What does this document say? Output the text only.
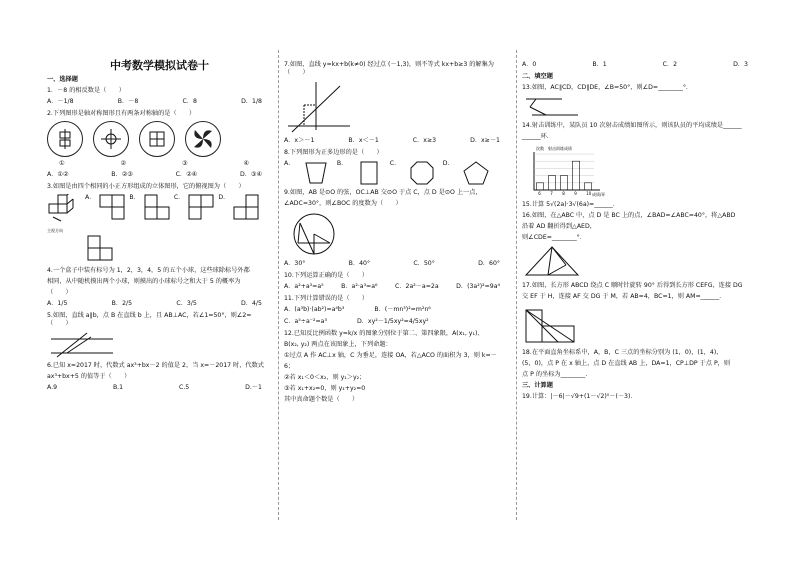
中考数学模拟试卷十
一、选择题
1．－8 的相反数是（　　）
A．－1/8	B．－8	C．8	D．1/8
2.下列图形是轴对称图形且有两条对称轴的是（　　）
①	②	③	④
A．①②	B．②③	C．②④	D．③④
3.如图是由四个相同的小正方形组成的立体图形，它的俯视图为（　　）
主视方向
A．	B．	C．	D．
4.一个盒子中装有标号为 1，2，3，4，5 的五个小球，这些球除标号外都
相同，从中随机摸出两个小球，则摸出的小球标号之和大于 5 的概率为
（　　）
A．1/5	B．2/5	C．3/5	D．4/5
5.如图，直线 a∥b，点 B 在直线 b 上，且 AB⊥AC，若∠1=50°，则∠2=（　　）
6.已知 x=2017 时，代数式 ax³+bx－2 的值是 2，当 x=－2017 时，代数式
ax³+bx+5 的值等于（　　）
A.9	B.1	C.5	D.－1
7.如图，直线 y=kx+b(k≠0) 经过点 (－1,3)，则不等式 kx+b≥3 的解集为（　　）
A．x＞－1	B．x＜－1	C．x≥3	D．x≥－1
8.下列图形为正多边形的是（　　）
A．	B．	C．	D．
9.如图，AB 是⊙O 的弦，OC⊥AB 交⊙O 于点 C，点 D 是⊙O 上一点，
∠ADC=30°，则∠BOC 的度数为（　　）
A．30°	B．40°	C．50°	D．60°
10.下列运算正确的是（　　）
A．a²+a³=a⁵	B．a²·a³=a⁶	C．2a²－a=2a	D．(3a²)²=9a⁴
11.下列计算错误的是（　　）
A．(a³b)·(ab²)=a⁴b³	B．(－mn³)²=m²n⁶
C．a⁵÷a⁻²=a³	D．xy²－1/5xy²=4/5xy²
12.已知反比例函数 y=k/x 的图象分别位于第二、第四象限，A(x₁, y₁)、
B(x₂, y₂) 两点在该图象上，下列命题：
①过点 A 作 AC⊥x 轴，C 为垂足，连接 OA，若△ACO 的面积为 3，则 k=－
6；
②若 x₁＜0＜x₂，则 y₁＞y₂；
③若 x₁+x₂=0，则 y₁+y₂=0
其中真命题个数是（　　）
A．0	B．1	C．2	D．3
二、填空题
13.如图，AC∥CD，CD∥DE，∠B=50°，则∠D=________°．
14.射击训练中，某队员 10 次射击成绩如图所示，则该队员的平均成绩是______
______环．
次数　射击训练成绩
成绩/环
6 7 8 9 10
15.计算 5√(2a)·3√(6a)=______．
16.如图，在△ABC 中，点 D 是 BC 上的点，∠BAD=∠ABC=40°，将△ABD
沿着 AD 翻折得到△AED，
则∠CDE=________°．
17.如图，长方形 ABCD 绕点 C 顺时针旋转 90° 后得到长方形 CEFG，连接 DG
交 EF 于 H，连接 AF 交 DG 于 M，若 AB=4，BC=1，则 AM=______．
18.在平面直角坐标系中，A，B，C 三点的坐标分别为 (1，0)，(1，4)，
(5，0)，点 P 在 x 轴上，点 D 在直线 AB 上，DA=1，CP⊥DP 于点 P，则
点 P 的坐标为________．
三、计算题
19.计算：|－6|－√9+(1－√2)⁰－(－3)．
